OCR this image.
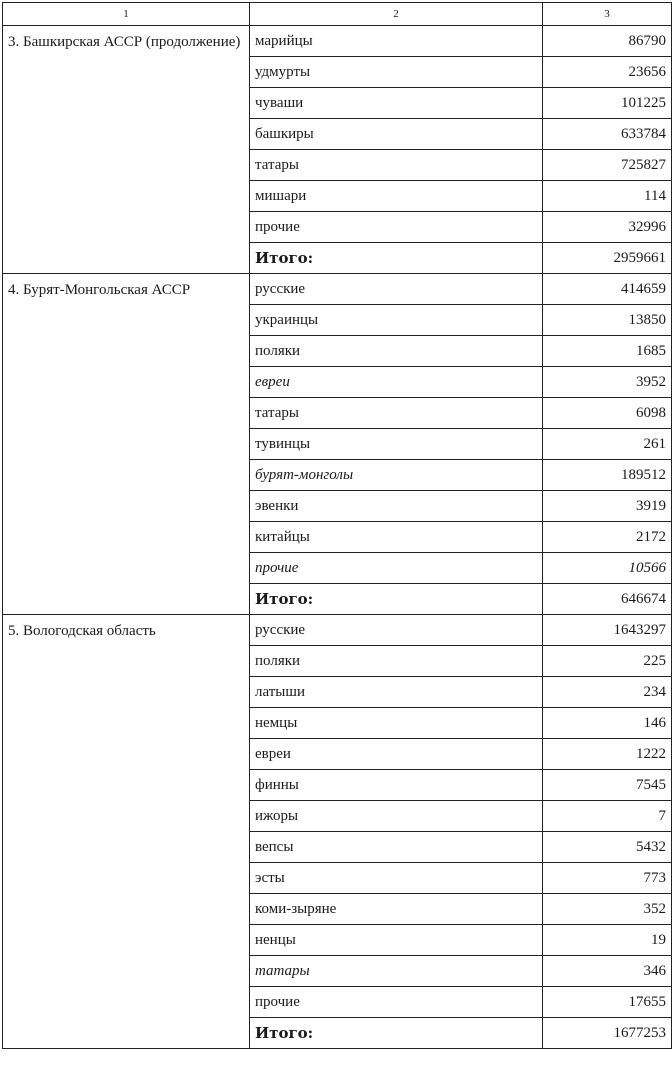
1	2	3
3. Башкирская АССР (продолжение)	марийцы	86790
	удмурты	23656
	чуваши	101225
	башкиры	633784
	татары	725827
	мишари	114
	прочие	32996
	Итого:	2959661
4. Бурят-Монгольская АССР	русские	414659
	украинцы	13850
	поляки	1685
	евреи	3952
	татары	6098
	тувинцы	261
	бурят-монголы	189512
	эвенки	3919
	китайцы	2172
	прочие	10566
	Итого:	646674
5. Вологодская область	русские	1643297
	поляки	225
	латыши	234
	немцы	146
	евреи	1222
	финны	7545
	ижоры	7
	вепсы	5432
	эсты	773
	коми-зыряне	352
	ненцы	19
	татары	346
	прочие	17655
	Итого:	1677253
